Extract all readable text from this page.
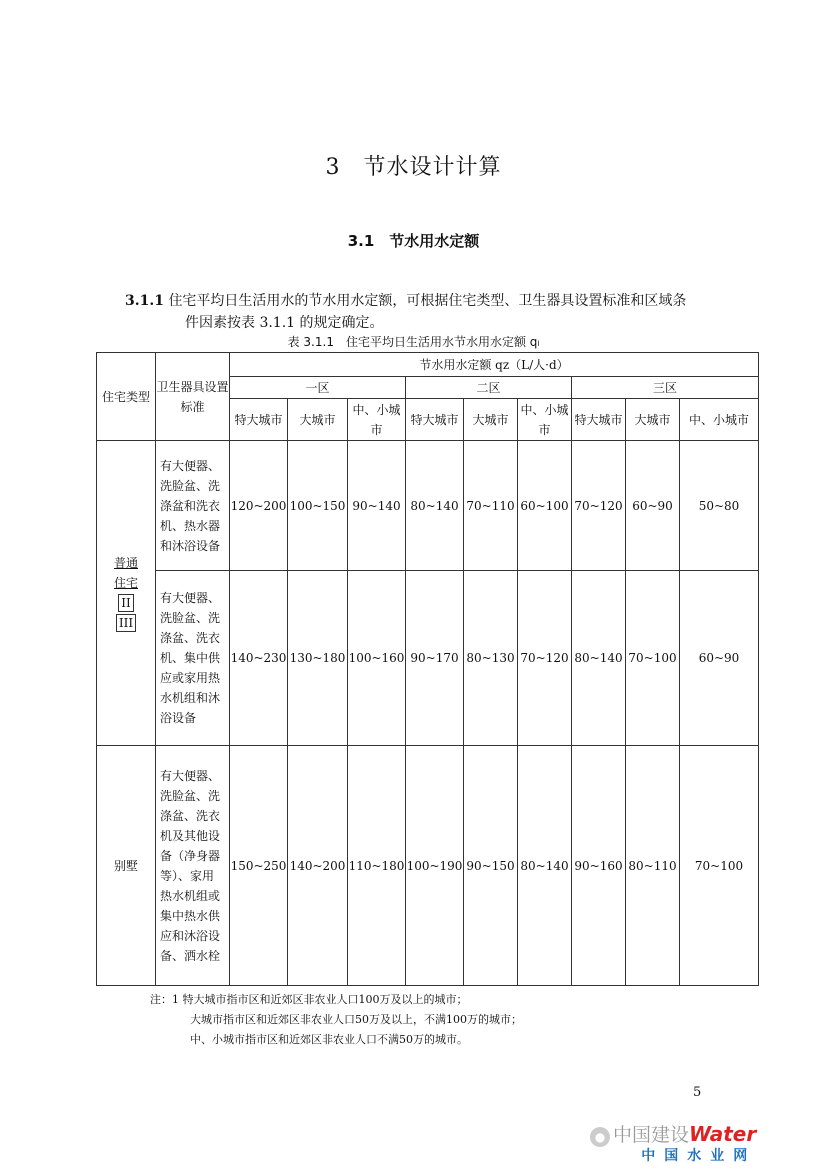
3　节水设计计算
3.1　节水用水定额
3.1.1 住宅平均日生活用水的节水用水定额，可根据住宅类型、卫生器具设置标准和区域条
件因素按表 3.1.1 的规定确定。
表 3.1.1　住宅平均日生活用水节水用水定额 qₗ
住宅类型	卫生器具设置标准	节水用水定额 qz（L/人·d）								
		一区			二区			三区		
		特大城市	大城市	中、小城市	特大城市	大城市	中、小城市	特大城市	大城市	中、小城市

普通
住宅
II
III	有大便器、洗脸盆、洗涤盆和洗衣机、热水器和沐浴设备	120~200	100~150	90~140	80~140	70~110	60~100	70~120	60~90	50~80
	有大便器、洗脸盆、洗涤盆、洗衣机、集中供应或家用热水机组和沐浴设备	140~230	130~180	100~160	90~170	80~130	70~120	80~140	70~100	60~90
别墅	有大便器、洗脸盆、洗涤盆、洗衣机及其他设备（净身器等）、家用热水机组或集中热水供应和沐浴设备、洒水栓	150~250	140~200	110~180	100~190	90~150	80~140	90~160	80~110	70~100
注：1 特大城市指市区和近郊区非农业人口100万及以上的城市；
大城市指市区和近郊区非农业人口50万及以上，不满100万的城市；
中、小城市指市区和近郊区非农业人口不满50万的城市。
5
● 中国建设Water
中国水业网
